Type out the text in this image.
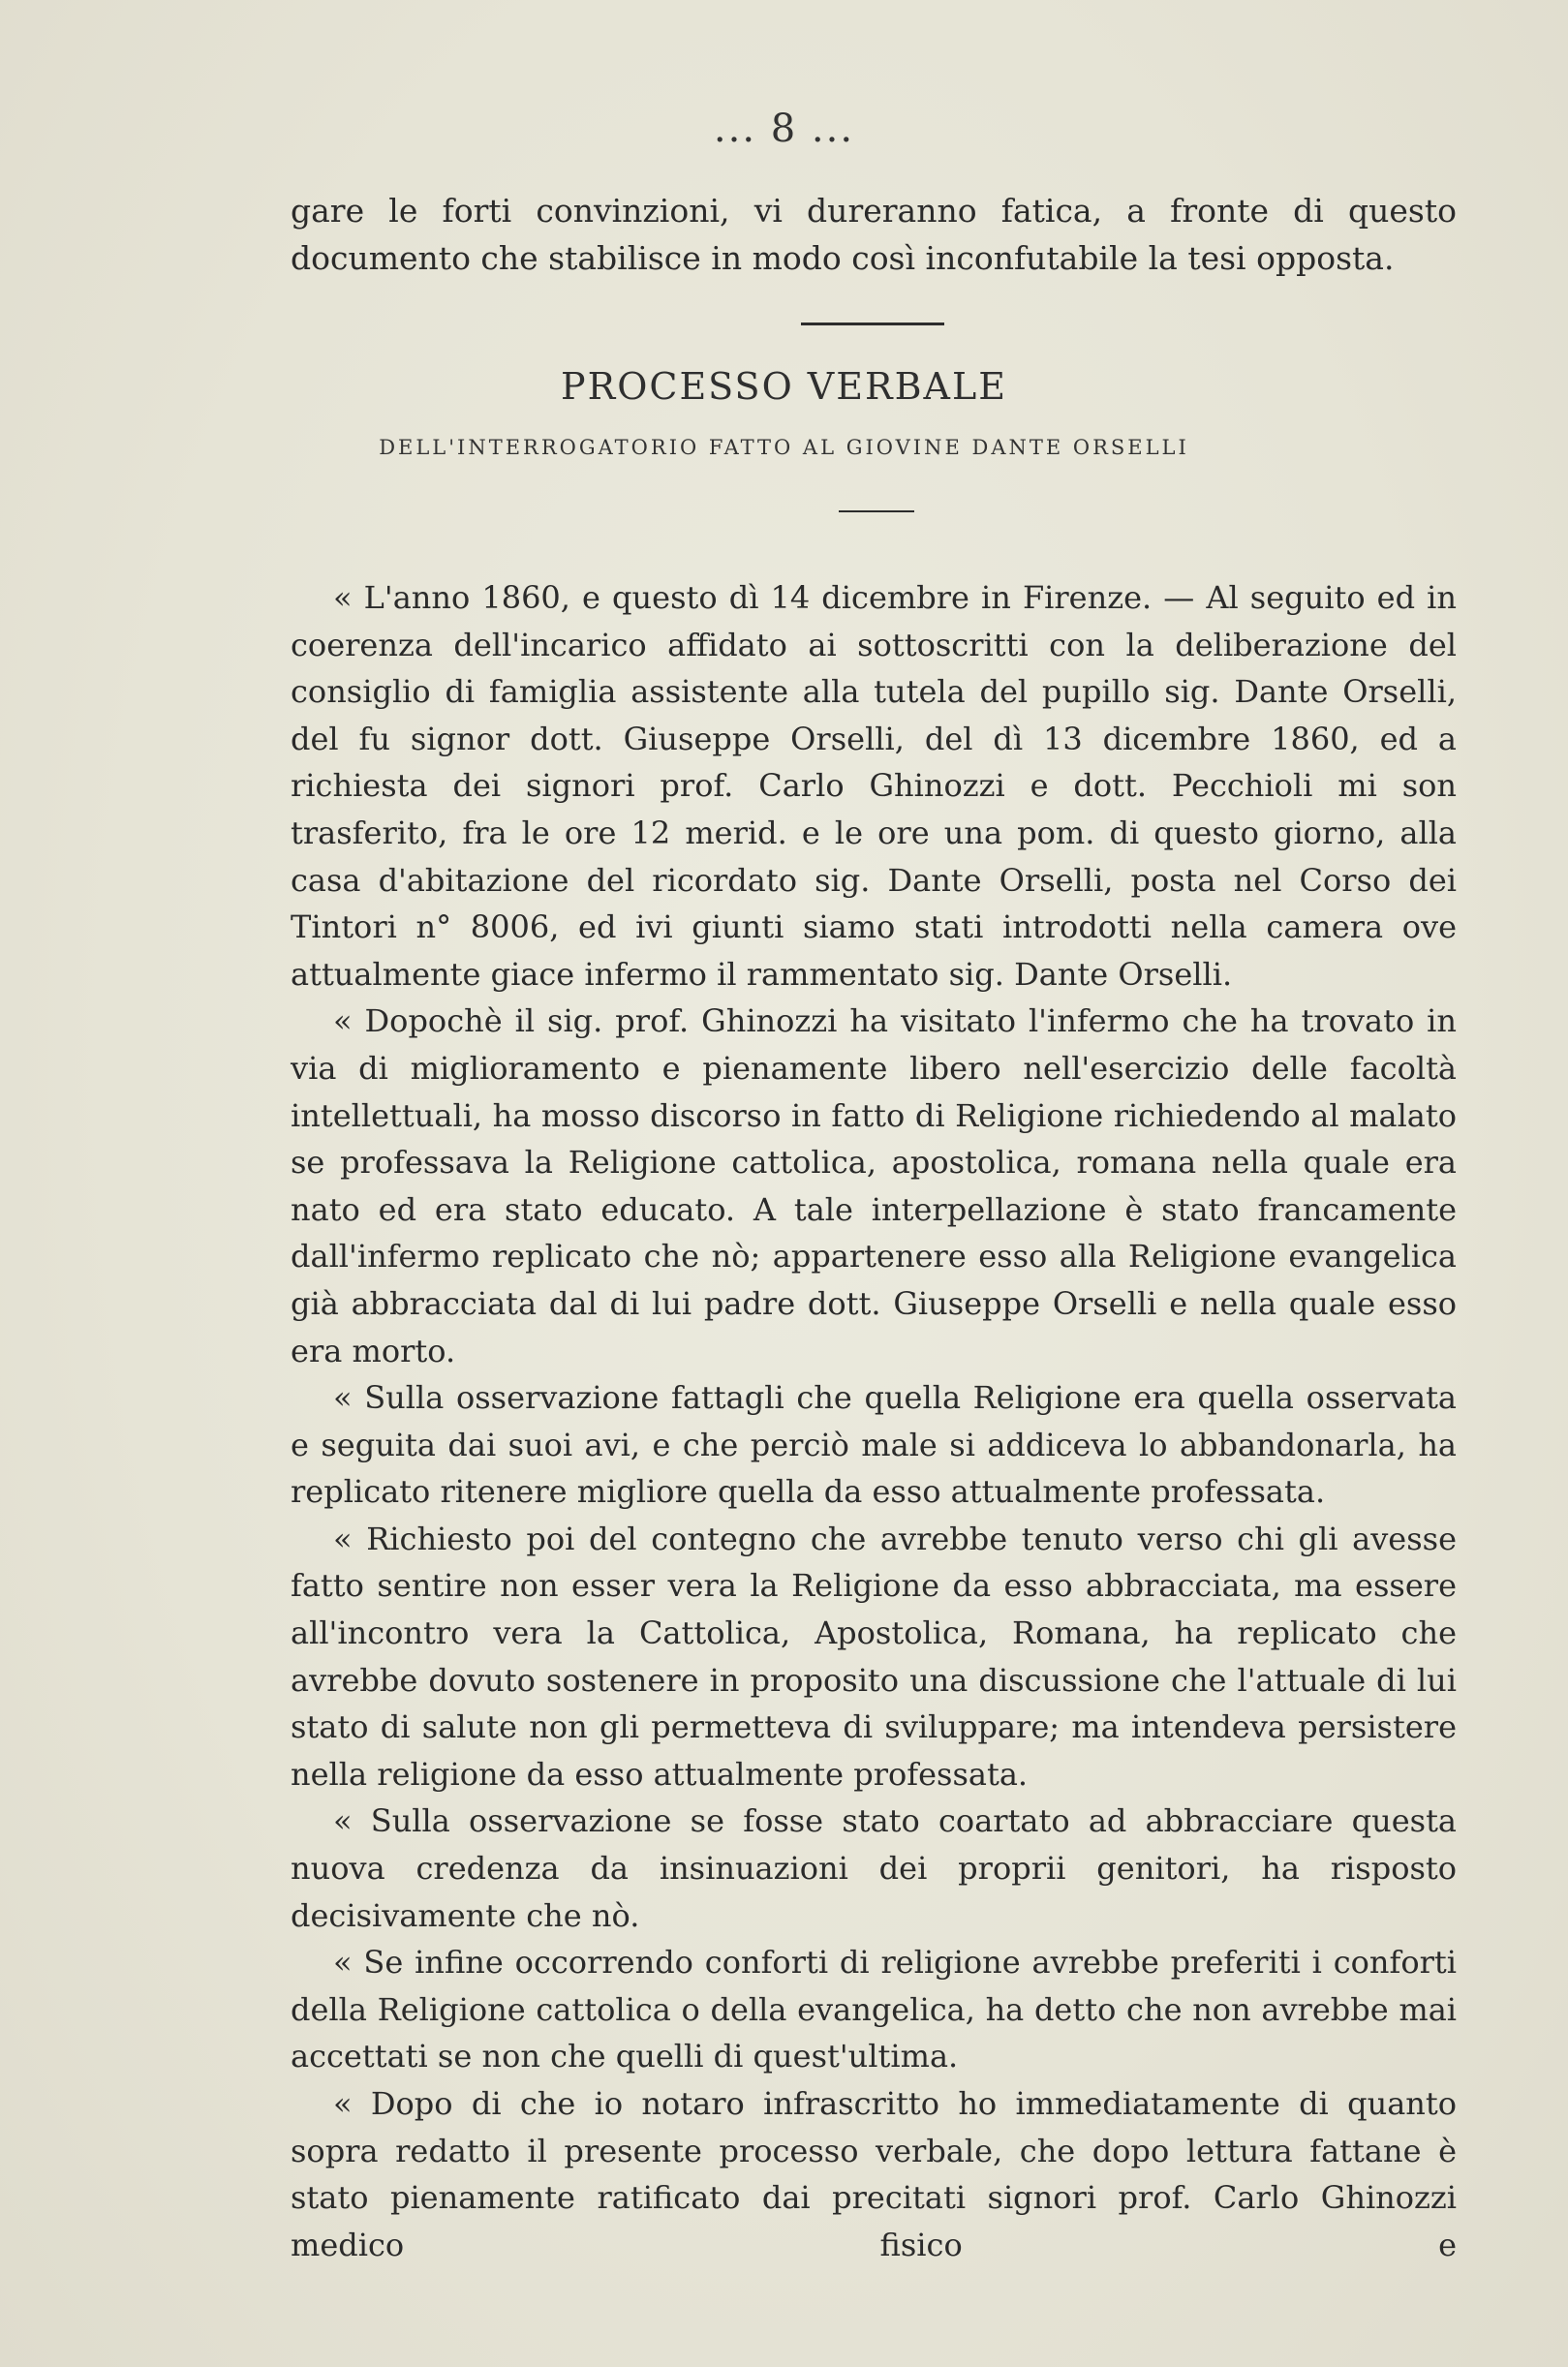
... 8 ...

gare le forti convinzioni, vi dureranno fatica, a fronte di questo documento che stabilisce in modo così inconfutabile la tesi opposta.

PROCESSO VERBALE
DELL'INTERROGATORIO FATTO AL GIOVINE DANTE ORSELLI

« L'anno 1860, e questo dì 14 dicembre in Firenze. — Al seguito ed in coerenza dell'incarico affidato ai sottoscritti con la deliberazione del consiglio di famiglia assistente alla tutela del pupillo sig. Dante Orselli, del fu signor dott. Giuseppe Orselli, del dì 13 dicembre 1860, ed a richiesta dei signori prof. Carlo Ghinozzi e dott. Pecchioli mi son trasferito, fra le ore 12 merid. e le ore una pom. di questo giorno, alla casa d'abitazione del ricordato sig. Dante Orselli, posta nel Corso dei Tintori n° 8006, ed ivi giunti siamo stati introdotti nella camera ove attualmente giace infermo il rammentato sig. Dante Orselli.

« Dopochè il sig. prof. Ghinozzi ha visitato l'infermo che ha trovato in via di miglioramento e pienamente libero nell'esercizio delle facoltà intellettuali, ha mosso discorso in fatto di Religione richiedendo al malato se professava la Religione cattolica, apostolica, romana nella quale era nato ed era stato educato. A tale interpellazione è stato francamente dall'infermo replicato che nò; appartenere esso alla Religione evangelica già abbracciata dal di lui padre dott. Giuseppe Orselli e nella quale esso era morto.

« Sulla osservazione fattagli che quella Religione era quella osservata e seguita dai suoi avi, e che perciò male si addiceva lo abbandonarla, ha replicato ritenere migliore quella da esso attualmente professata.

« Richiesto poi del contegno che avrebbe tenuto verso chi gli avesse fatto sentire non esser vera la Religione da esso abbracciata, ma essere all'incontro vera la Cattolica, Apostolica, Romana, ha replicato che avrebbe dovuto sostenere in proposito una discussione che l'attuale di lui stato di salute non gli permetteva di sviluppare; ma intendeva persistere nella religione da esso attualmente professata.

« Sulla osservazione se fosse stato coartato ad abbracciare questa nuova credenza da insinuazioni dei proprii genitori, ha risposto decisivamente che nò.

« Se infine occorrendo conforti di religione avrebbe preferiti i conforti della Religione cattolica o della evangelica, ha detto che non avrebbe mai accettati se non che quelli di quest'ultima.

« Dopo di che io notaro infrascritto ho immediatamente di quanto sopra redatto il presente processo verbale, che dopo lettura fattane è stato pienamente ratificato dai precitati signori prof. Carlo Ghinozzi medico fisico e
